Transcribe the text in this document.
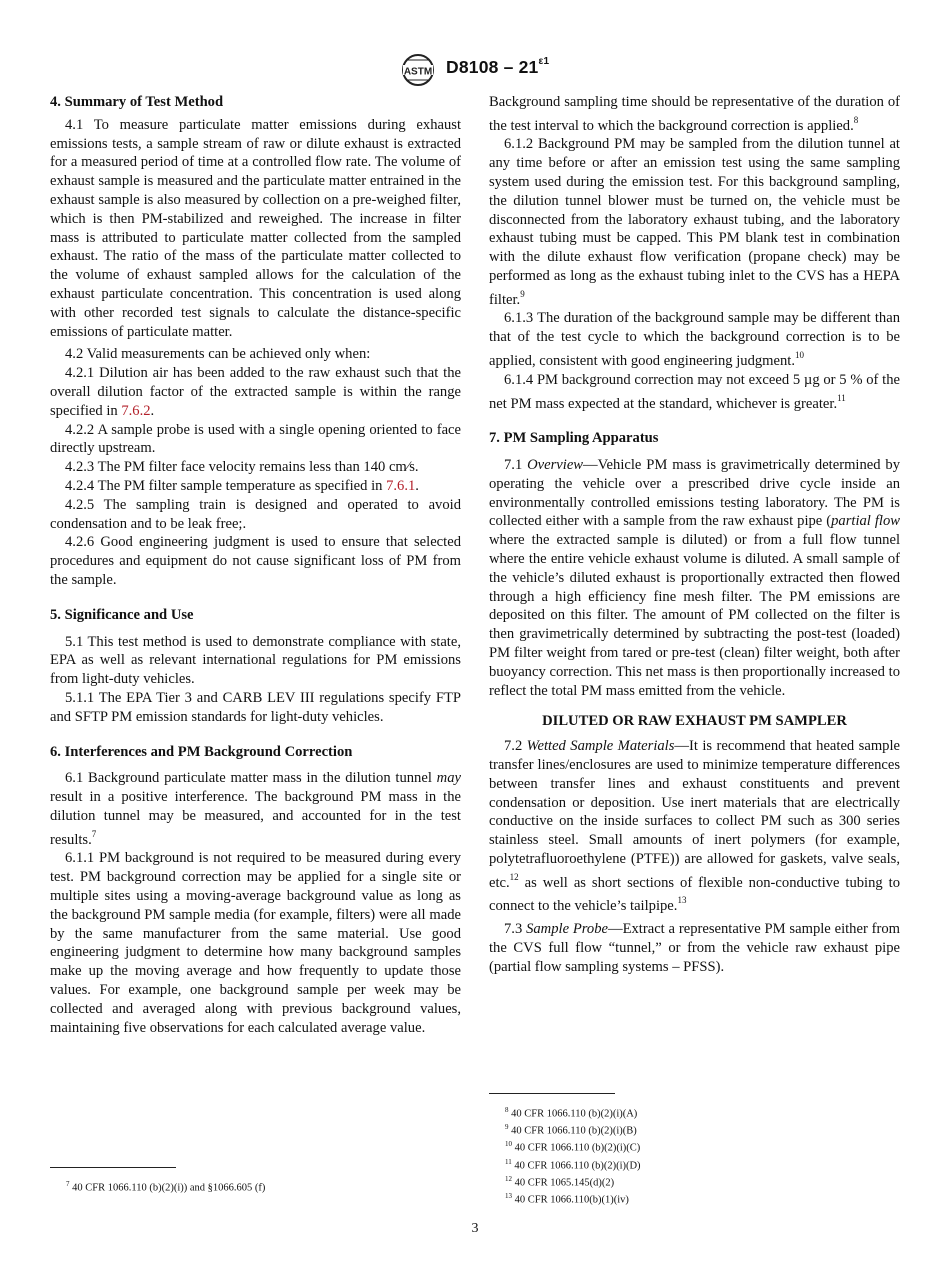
ASTM $D8108 - 21^{\varepsilon 1}$
4. Summary of Test Method

4.1 To measure particulate matter emissions during exhaust emissions tests, a sample stream of raw or dilute exhaust is extracted for a measured period of time at a controlled flow rate. The volume of exhaust sample is measured and the particulate matter entrained in the exhaust sample is also measured by collection on a pre-weighed filter, which is then PM-stabilized and reweighed. The increase in filter mass is attributed to particulate matter collected from the sampled exhaust. The ratio of the mass of the particulate matter collected to the volume of exhaust sampled allows for the calculation of the exhaust particulate concentration. This concentration is used along with other recorded test signals to calculate the distance-specific emissions of particulate matter.

4.2 Valid measurements can be achieved only when:

4.2.1 Dilution air has been added to the raw exhaust such that the overall dilution factor of the extracted sample is within the range specified in 7.6.2.

4.2.2 A sample probe is used with a single opening oriented to face directly upstream.

4.2.3 The PM filter face velocity remains less than 140 cm⁄s.

4.2.4 The PM filter sample temperature as specified in 7.6.1.

4.2.5 The sampling train is designed and operated to avoid condensation and to be leak free;.

4.2.6 Good engineering judgment is used to ensure that selected procedures and equipment do not cause significant loss of PM from the sample.

5. Significance and Use

5.1 This test method is used to demonstrate compliance with state, EPA as well as relevant international regulations for PM emissions from light-duty vehicles.

5.1.1 The EPA Tier 3 and CARB LEV III regulations specify FTP and SFTP PM emission standards for light-duty vehicles.

6. Interferences and PM Background Correction

6.1 Background particulate matter mass in the dilution tunnel may result in a positive interference. The background PM mass in the dilution tunnel may be measured, and accounted for in the test results.$^7$

6.1.1 PM background is not required to be measured during every test. PM background correction may be applied for a single site or multiple sites using a moving-average background value as long as the background PM sample media (for example, filters) were all made by the same manufacturer from the same material. Use good engineering judgment to determine how many background samples make up the moving average and how frequently to update those values. For example, one background sample per week may be collected and averaged along with previous background values, maintaining five observations for each calculated average value.

Background sampling time should be representative of the duration of the test interval to which the background correction is applied.$^8$

6.1.2 Background PM may be sampled from the dilution tunnel at any time before or after an emission test using the same sampling system used during the emission test. For this background sampling, the dilution tunnel blower must be turned on, the vehicle must be disconnected from the laboratory exhaust tubing, and the laboratory exhaust tubing must be capped. This PM blank test in combination with the dilute exhaust flow verification (propane check) may be performed as long as the exhaust tubing inlet to the CVS has a HEPA filter.$^9$

6.1.3 The duration of the background sample may be different than that of the test cycle to which the background correction is to be applied, consistent with good engineering judgment.$^{10}$

6.1.4 PM background correction may not exceed 5 µg or 5 % of the net PM mass expected at the standard, whichever is greater.$^{11}$

7. PM Sampling Apparatus

7.1 Overview—Vehicle PM mass is gravimetrically determined by operating the vehicle over a prescribed drive cycle inside an environmentally controlled emissions testing laboratory. The PM is collected either with a sample from the raw exhaust pipe (partial flow where the extracted sample is diluted) or from a full flow tunnel where the entire vehicle exhaust volume is diluted. A small sample of the vehicle’s diluted exhaust is proportionally extracted then flowed through a high efficiency fine mesh filter. The PM emissions are deposited on this filter. The amount of PM collected on the filter is then gravimetrically determined by subtracting the post-test (loaded) PM filter weight from tared or pre-test (clean) filter weight, both after buoyancy correction. This net mass is then proportionally increased to reflect the total PM mass emitted from the vehicle.

DILUTED OR RAW EXHAUST PM SAMPLER

7.2 Wetted Sample Materials—It is recommend that heated sample transfer lines/enclosures are used to minimize temperature differences between transfer lines and exhaust constituents and prevent condensation or deposition. Use inert materials that are electrically conductive on the inside surfaces to collect PM such as 300 series stainless steel. Small amounts of inert polymers (for example, polytetrafluoroethylene (PTFE)) are allowed for gaskets, valve seals, etc.$^{12}$ as well as short sections of flexible non-conductive tubing to connect to the vehicle’s tailpipe.$^{13}$

7.3 Sample Probe—Extract a representative PM sample either from the CVS full flow “tunnel,” or from the vehicle raw exhaust pipe (partial flow sampling systems – PFSS).

$^7$ 40 CFR 1066.110 (b)(2)(i)) and §1066.605 (f)
$^8$ 40 CFR 1066.110 (b)(2)(i)(A)
$^9$ 40 CFR 1066.110 (b)(2)(i)(B)
$^{10}$ 40 CFR 1066.110 (b)(2)(i)(C)
$^{11}$ 40 CFR 1066.110 (b)(2)(i)(D)
$^{12}$ 40 CFR 1065.145(d)(2)
$^{13}$ 40 CFR 1066.110(b)(1)(iv)
3
